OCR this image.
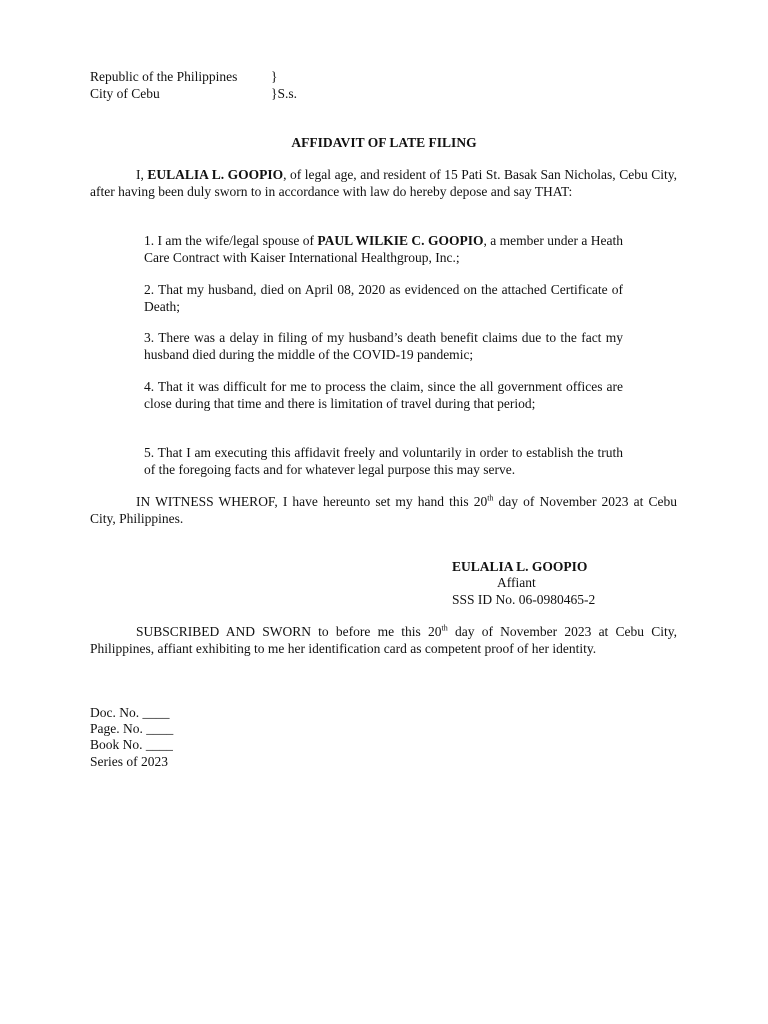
Republic of the Philippines }
City of Cebu	}S.s.
AFFIDAVIT OF LATE FILING
I, EULALIA L. GOOPIO, of legal age, and resident of 15 Pati St. Basak San Nicholas, Cebu City, after having been duly sworn to in accordance with law do hereby depose and say THAT:
1. I am the wife/legal spouse of PAUL WILKIE C. GOOPIO, a member under a Heath Care Contract with Kaiser International Healthgroup, Inc.;
2. That my husband, died on April 08, 2020 as evidenced on the attached Certificate of Death;
3. There was a delay in filing of my husband’s death benefit claims due to the fact my husband died during the middle of the COVID-19 pandemic;
4. That it was difficult for me to process the claim, since the all government offices are close during that time and there is limitation of travel during that period;
5. That I am executing this affidavit freely and voluntarily in order to establish the truth of the foregoing facts and for whatever legal purpose this may serve.
IN WITNESS WHEROF, I have hereunto set my hand this 20th day of November 2023 at Cebu City, Philippines.
EULALIA L. GOOPIO
Affiant
SSS ID No. 06-0980465-2
SUBSCRIBED AND SWORN to before me this 20th day of November 2023 at Cebu City, Philippines, affiant exhibiting to me her identification card as competent proof of her identity.
Doc. No. ____
Page. No. ____
Book No. ____
Series of 2023
